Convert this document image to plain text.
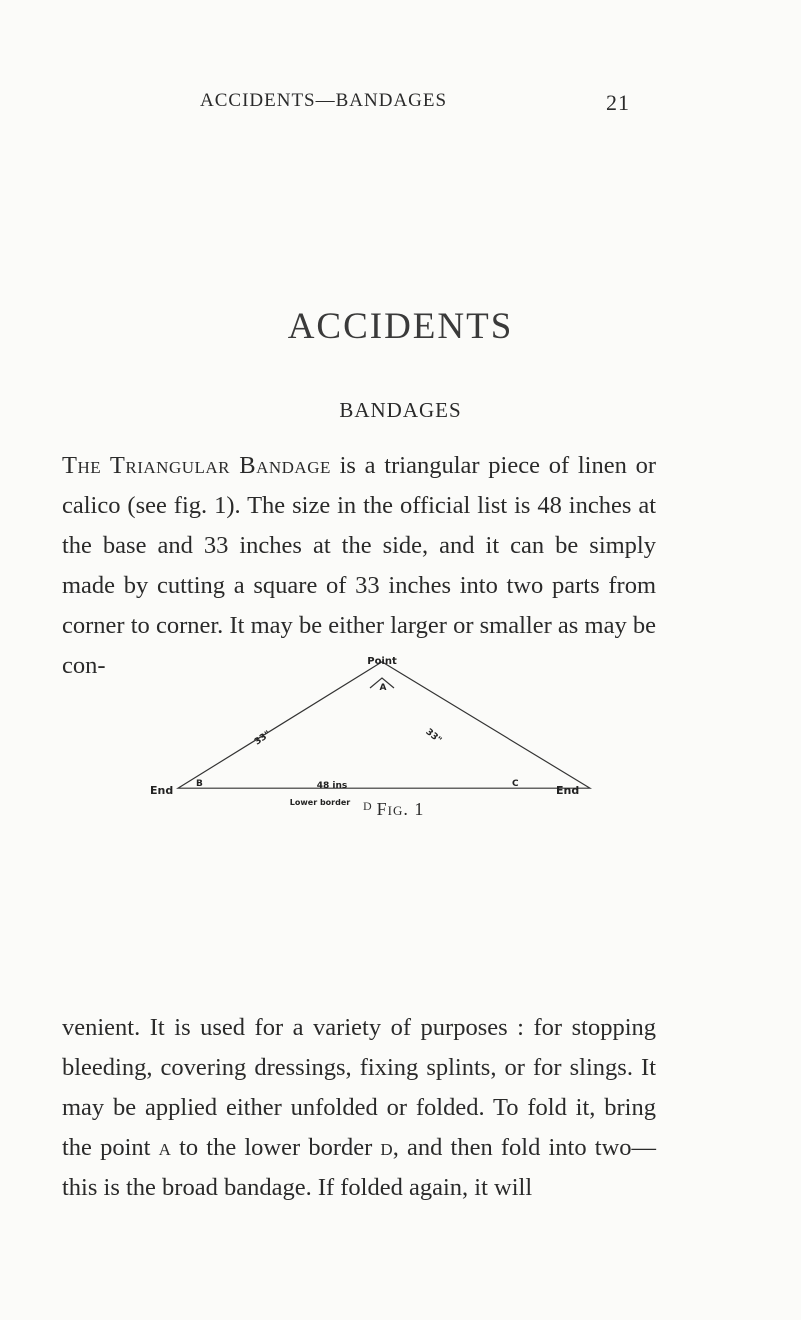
ACCIDENTS—BANDAGES	21
ACCIDENTS
BANDAGES

The Triangular Bandage is a triangular piece of linen or calico (see fig. 1). The size in the official list is 48 inches at the base and 33 inches at the side, and it can be simply made by cutting a square of 33 inches into two parts from corner to corner. It may be either larger or smaller as may be con-	Point
A
33"	33"
End	End
B	C
48 ins
Lower border D Fig. 1

venient. It is used for a variety of purposes : for stopping bleeding, covering dressings, fixing splints, or for slings. It may be applied either unfolded or folded. To fold it, bring the point a to the lower border d, and then fold into two—this is the broad bandage. If folded again, it will
